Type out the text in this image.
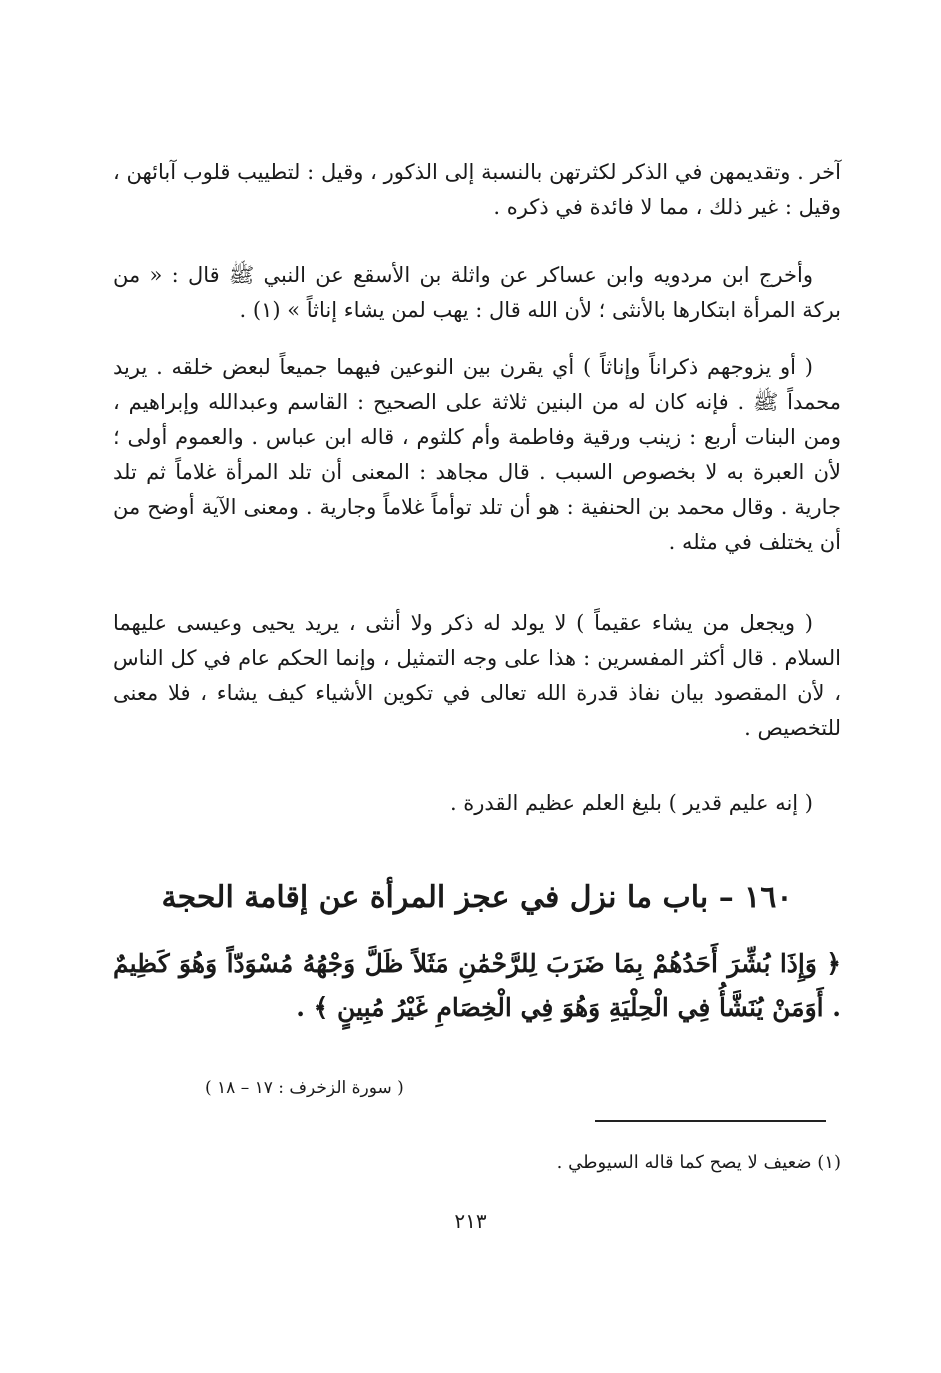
آخر . وتقديمهن في الذكر لكثرتهن بالنسبة إلى الذكور ، وقيل : لتطييب قلوب آبائهن ، وقيل : غير ذلك ، مما لا فائدة في ذكره .

وأخرج ابن مردويه وابن عساكر عن واثلة بن الأسقع عن النبي ﷺ قال : « من بركة المرأة ابتكارها بالأنثى ؛ لأن الله قال : يهب لمن يشاء إناثاً » (١) .

( أو يزوجهم ذكراناً وإناثاً ) أي يقرن بين النوعين فيهما جميعاً لبعض خلقه . يريد محمداً ﷺ . فإنه كان له من البنين ثلاثة على الصحيح : القاسم وعبدالله وإبراهيم ، ومن البنات أربع : زينب ورقية وفاطمة وأم كلثوم ، قاله ابن عباس . والعموم أولى ؛ لأن العبرة به لا بخصوص السبب . قال مجاهد : المعنى أن تلد المرأة غلاماً ثم تلد جارية . وقال محمد بن الحنفية : هو أن تلد توأماً غلاماً وجارية . ومعنى الآية أوضح من أن يختلف في مثله .

( ويجعل من يشاء عقيماً ) لا يولد له ذكر ولا أنثى ، يريد يحيى وعيسى عليهما السلام . قال أكثر المفسرين : هذا على وجه التمثيل ، وإنما الحكم عام في كل الناس ، لأن المقصود بيان نفاذ قدرة الله تعالى في تكوين الأشياء كيف يشاء ، فلا معنى للتخصيص .

( إنه عليم قدير ) بليغ العلم عظيم القدرة .

١٦٠ – باب ما نزل في عجز المرأة عن إقامة الحجة

﴿ وَإِذَا بُشِّرَ أَحَدُهُمْ بِمَا ضَرَبَ لِلرَّحْمَٰنِ مَثَلاً ظَلَّ وَجْهُهُ مُسْوَدّاً وَهُوَ كَظِيمٌ . أَوَمَنْ يُنَشَّأُ فِي الْحِلْيَةِ وَهُوَ فِي الْخِصَامِ غَيْرُ مُبِينٍ ﴾ .

( سورة الزخرف : ١٧ – ١٨ )

(١) ضعيف لا يصح كما قاله السيوطي .

٢١٣
